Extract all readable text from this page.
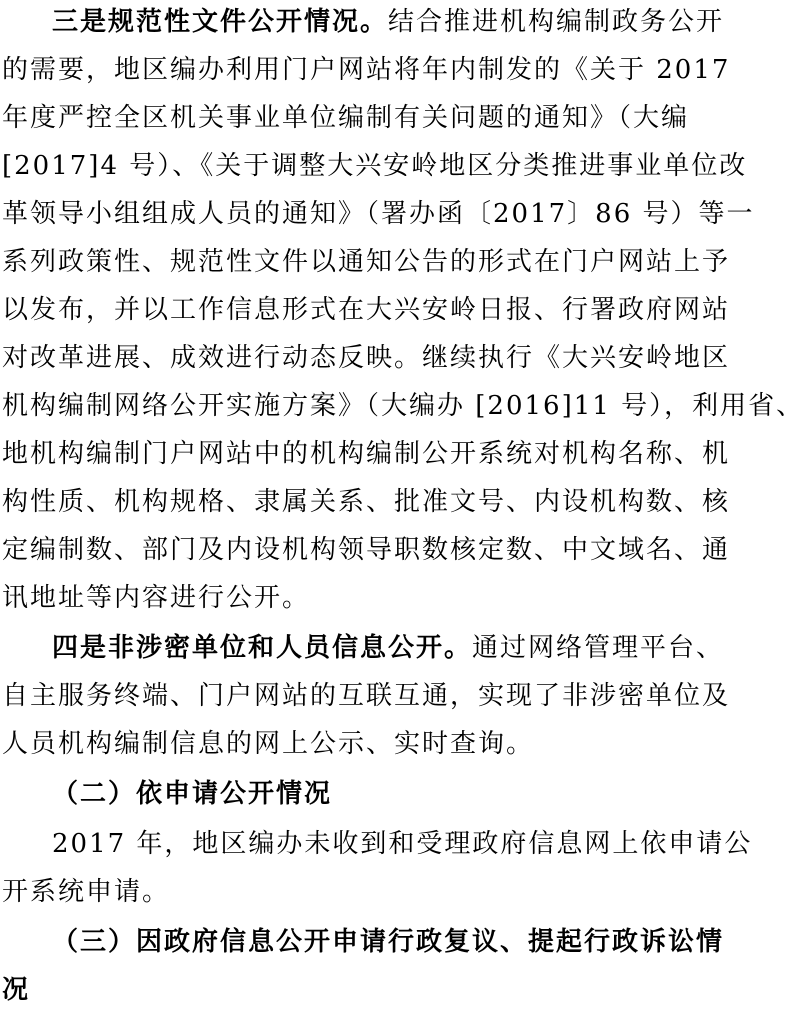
三是规范性文件公开情况。结合推进机构编制政务公开
的需要，地区编办利用门户网站将年内制发的《关于 2017
年度严控全区机关事业单位编制有关问题的通知》（大编
[2017]4 号）、《关于调整大兴安岭地区分类推进事业单位改
革领导小组组成人员的通知》（署办函〔2017〕86 号）等一
系列政策性、规范性文件以通知公告的形式在门户网站上予
以发布，并以工作信息形式在大兴安岭日报、行署政府网站
对改革进展、成效进行动态反映。继续执行《大兴安岭地区
机构编制网络公开实施方案》（大编办 [2016]11 号），利用省、
地机构编制门户网站中的机构编制公开系统对机构名称、机
构性质、机构规格、隶属关系、批准文号、内设机构数、核
定编制数、部门及内设机构领导职数核定数、中文域名、通
讯地址等内容进行公开。
四是非涉密单位和人员信息公开。通过网络管理平台、
自主服务终端、门户网站的互联互通，实现了非涉密单位及
人员机构编制信息的网上公示、实时查询。
（二）依申请公开情况
2017 年，地区编办未收到和受理政府信息网上依申请公
开系统申请。
（三）因政府信息公开申请行政复议、提起行政诉讼情
况
